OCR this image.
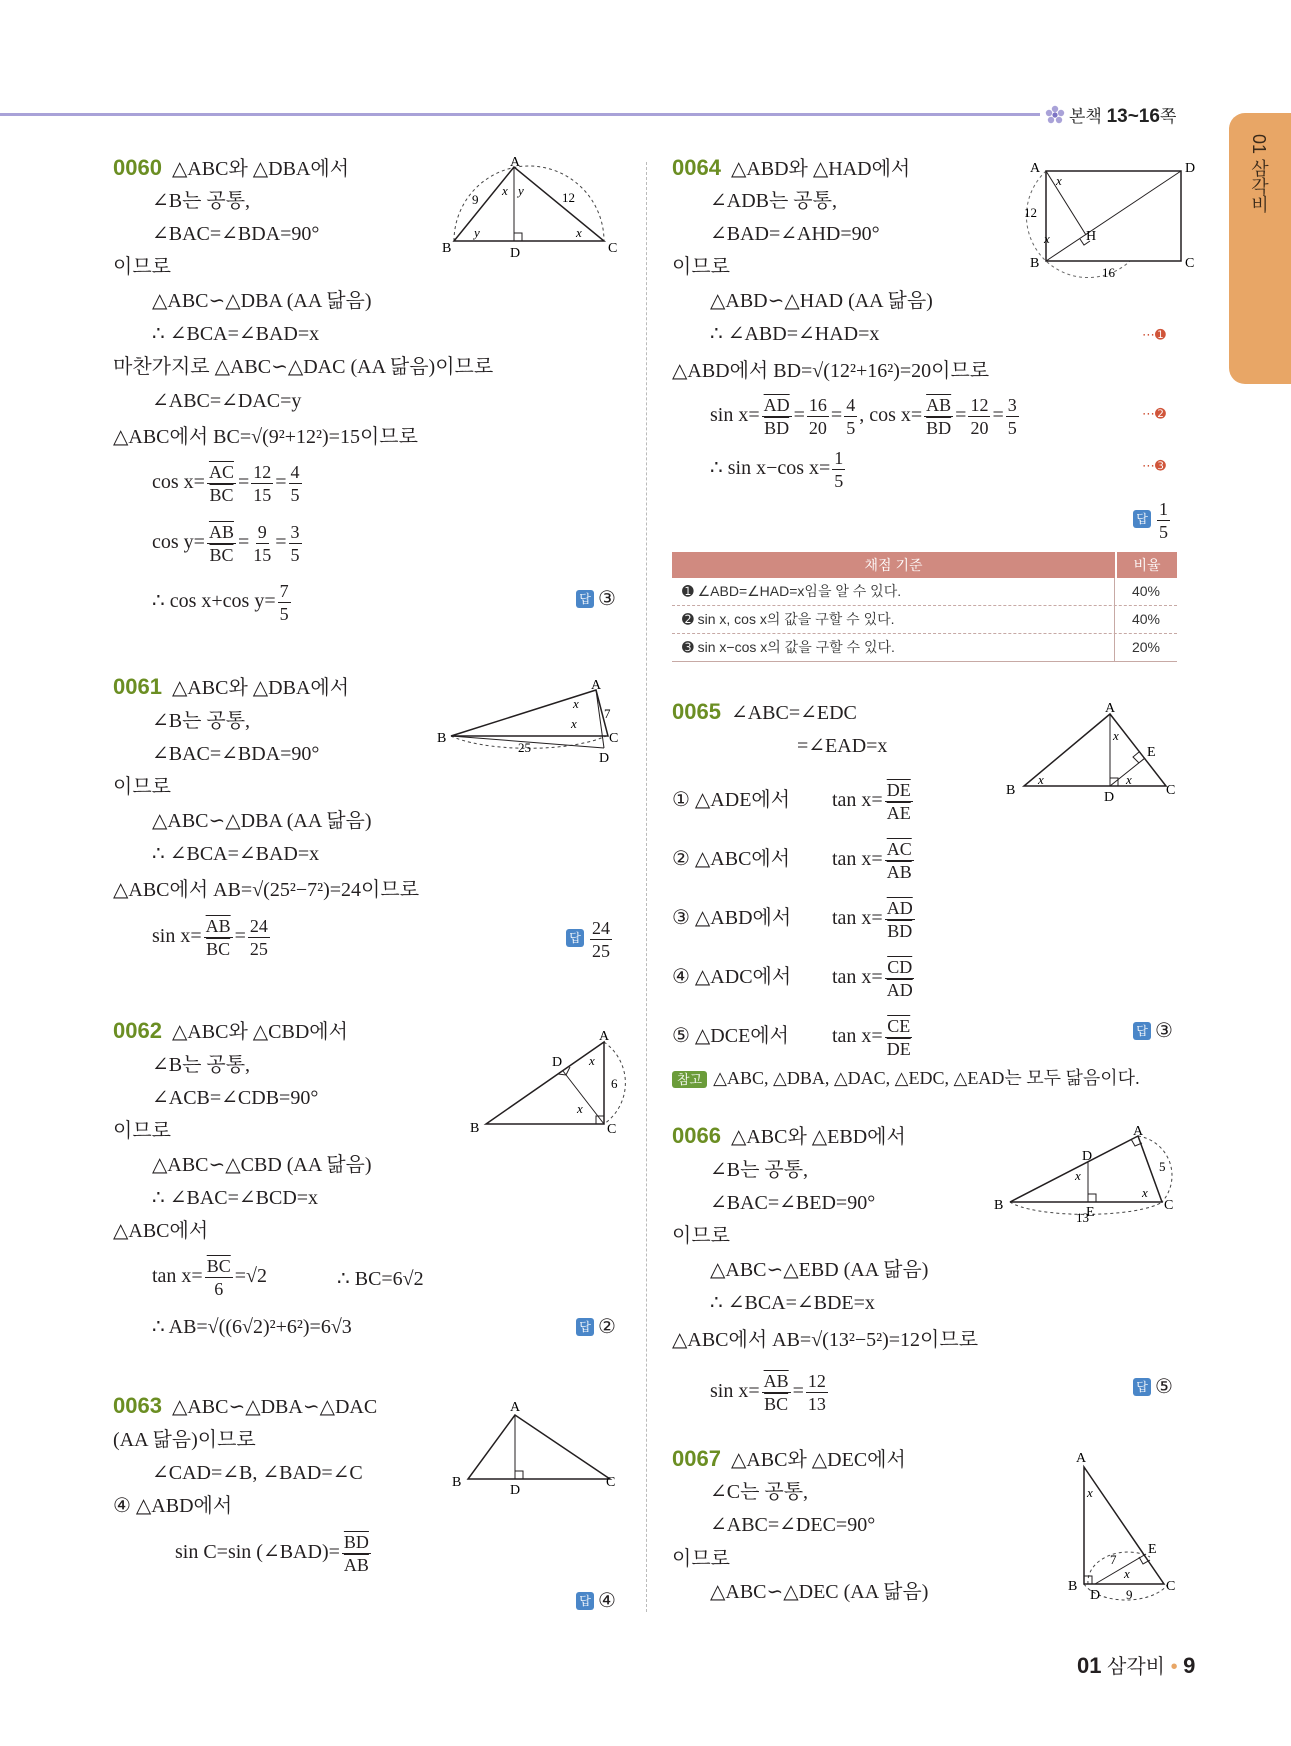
본책 13~16쪽
01 삼각비
0060 △ABC와 △DBA에서
∠B는 공통,
∠BAC=∠BDA=90°
이므로
△ABC∽△DBA (AA 닮음)
∴ ∠BCA=∠BAD=x
마찬가지로 △ABC∽△DAC (AA 닮음)이므로
∠ABC=∠DAC=y
△ABC에서 BC=√(9²+12²)=15이므로
$\cos x= \frac{\overline{AC}}{BC} = \frac{12}{15} = \frac{4}{5}$
$\cos y= \frac{\overline{AB}}{BC} = \frac{9}{15} = \frac{3}{5}$
∴ cos x+cos $y= \frac{7}{5}$	답 ③
A
B	C
D
9	12
x y
y	x
0061 △ABC와 △DBA에서
∠B는 공통,
∠BAC=∠BDA=90°
이므로
△ABC∽△DBA (AA 닮음)
∴ ∠BCA=∠BAD=x
△ABC에서 AB=√(25²−7²)=24이므로
$\sin x= \frac{\overline{AB}}{BC} = \frac{24}{25}$	답 $\frac{24}{25}$
A
B	C
D
25
7
x
x
0062 △ABC와 △CBD에서
∠B는 공통,
∠ACB=∠CDB=90°
이므로
△ABC∽△CBD (AA 닮음)
∴ ∠BAC=∠BCD=x
△ABC에서
$\tan x= \frac{\overline{BC}}{6} =√2$	∴ BC=6√2
∴ AB=√((6√2)²+6²)=6√3	답 ②
A
B	C
D
6
x
x
0063 △ABC∽△DBA∽△DAC
(AA 닮음)이므로
∠CAD=∠B, ∠BAD=∠C
④ △ABD에서
sin C=sin (∠BAD)= $\frac{\overline{BD}}{AB}$
답 ④
A
B	C
D
0064 △ABD와 △HAD에서
∠ADB는 공통,
∠BAD=∠AHD=90°
이므로
△ABD∽△HAD (AA 닮음)
∴ ∠ABD=∠HAD=x	⋯➊
△ABD에서 BD=√(12²+16²)=20이므로
$\sin x= \frac{\overline{AD}}{BD} = \frac{16}{20} = \frac{4}{5}$ , $\cos x= \frac{\overline{AB}}{BD} = \frac{12}{20} = \frac{3}{5}$	⋯➋
∴ sin x−cos $x= \frac{1}{5}$	⋯➌
답 $\frac{1}{5}$
A
B	C
D
H
12
16
x
x
채점 기준	비율
➊ ∠ABD=∠HAD=x임을 알 수 있다.	40%
➋ sin x, cos x의 값을 구할 수 있다.	40%
➌ sin x−cos x의 값을 구할 수 있다.	20%
0065 ∠ABC=∠EDC
=∠EAD=x
① △ADE에서 $\tan x= \frac{\overline{DE}}{AE}$
② △ABC에서 $\tan x= \frac{\overline{AC}}{AB}$
③ △ABD에서 $\tan x= \frac{\overline{AD}}{BD}$
④ △ADC에서 $\tan x= \frac{\overline{CD}}{AD}$
⑤ △DCE에서 $\tan x= \frac{\overline{CE}}{DE}$	답 ③
참고 △ABC, △DBA, △DAC, △EDC, △EAD는 모두 닮음이다.
A
B	C
D
E
x
x	x
0066 △ABC와 △EBD에서
∠B는 공통,
∠BAC=∠BED=90°
이므로
△ABC∽△EBD (AA 닮음)
∴ ∠BCA=∠BDE=x
△ABC에서 AB=√(13²−5²)=12이므로
$\sin x= \frac{\overline{AB}}{BC} = \frac{12}{13}$	답 ⑤
A
B	C
D
E
13
5
x
x
0067 △ABC와 △DEC에서
∠C는 공통,
∠ABC=∠DEC=90°
이므로
△ABC∽△DEC (AA 닮음)
A
B	C
D
E
7
9
x
x
01 삼각비 • 9
